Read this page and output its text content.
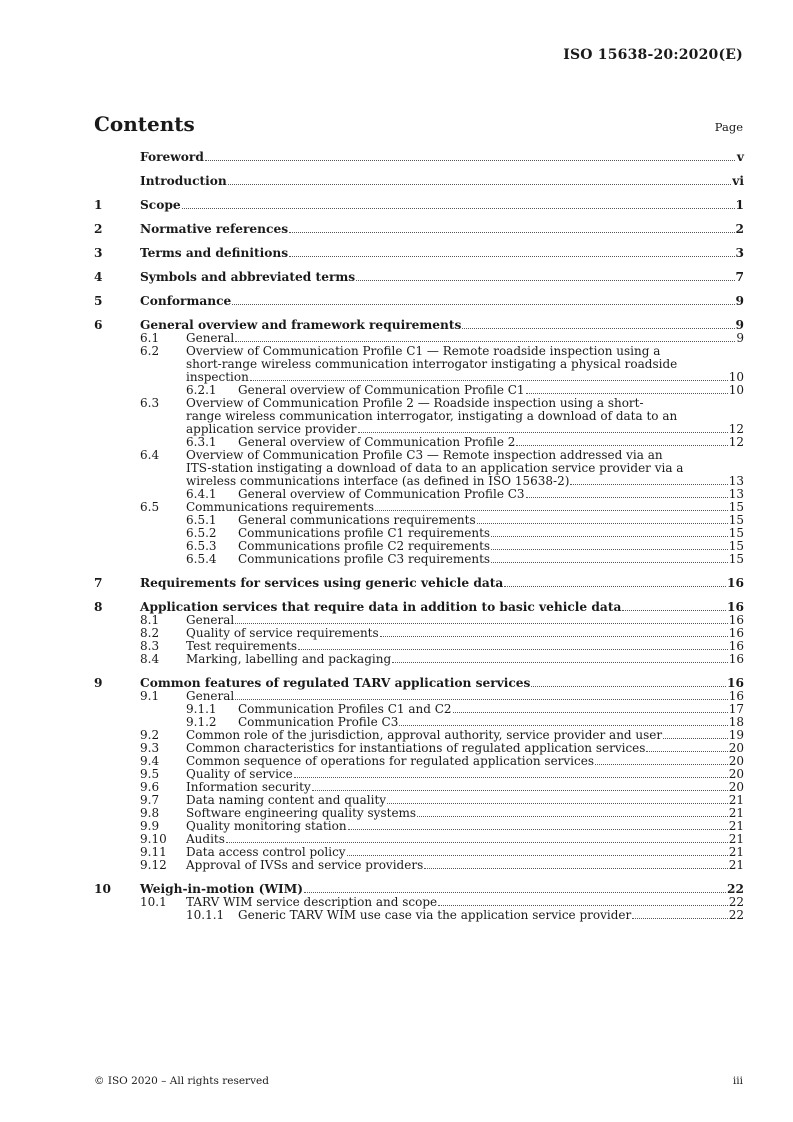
ISO 15638-20:2020(E)
Contents	Page
Foreword	v
Introduction	vi
1	Scope	1
2	Normative references	2
3	Terms and definitions	3
4	Symbols and abbreviated terms	7
5	Conformance	9
6	General overview and framework requirements	9
6.1	General	9
6.2	Overview of Communication Profile C1 — Remote roadside inspection using a
short-range wireless communication interrogator instigating a physical roadside
inspection	10
6.2.1	General overview of Communication Profile C1	10
6.3	Overview of Communication Profile 2 — Roadside inspection using a short-
range wireless communication interrogator, instigating a download of data to an
application service provider	12
6.3.1	General overview of Communication Profile 2	12
6.4	Overview of Communication Profile C3 — Remote inspection addressed via an
ITS-station instigating a download of data to an application service provider via a
wireless communications interface (as defined in ISO 15638-2)	13
6.4.1	General overview of Communication Profile C3	13
6.5	Communications requirements	15
6.5.1	General communications requirements	15
6.5.2	Communications profile C1 requirements	15
6.5.3	Communications profile C2 requirements	15
6.5.4	Communications profile C3 requirements	15
7	Requirements for services using generic vehicle data	16
8	Application services that require data in addition to basic vehicle data	16
8.1	General	16
8.2	Quality of service requirements	16
8.3	Test requirements	16
8.4	Marking, labelling and packaging	16
9	Common features of regulated TARV application services	16
9.1	General	16
9.1.1	Communication Profiles C1 and C2	17
9.1.2	Communication Profile C3	18
9.2	Common role of the jurisdiction, approval authority, service provider and user	19
9.3	Common characteristics for instantiations of regulated application services	20
9.4	Common sequence of operations for regulated application services	20
9.5	Quality of service	20
9.6	Information security	20
9.7	Data naming content and quality	21
9.8	Software engineering quality systems	21
9.9	Quality monitoring station	21
9.10	Audits	21
9.11	Data access control policy	21
9.12	Approval of IVSs and service providers	21
10	Weigh-in-motion (WIM)	22
10.1	TARV WIM service description and scope	22
10.1.1	Generic TARV WIM use case via the application service provider	22
© ISO 2020 – All rights reserved	iii
